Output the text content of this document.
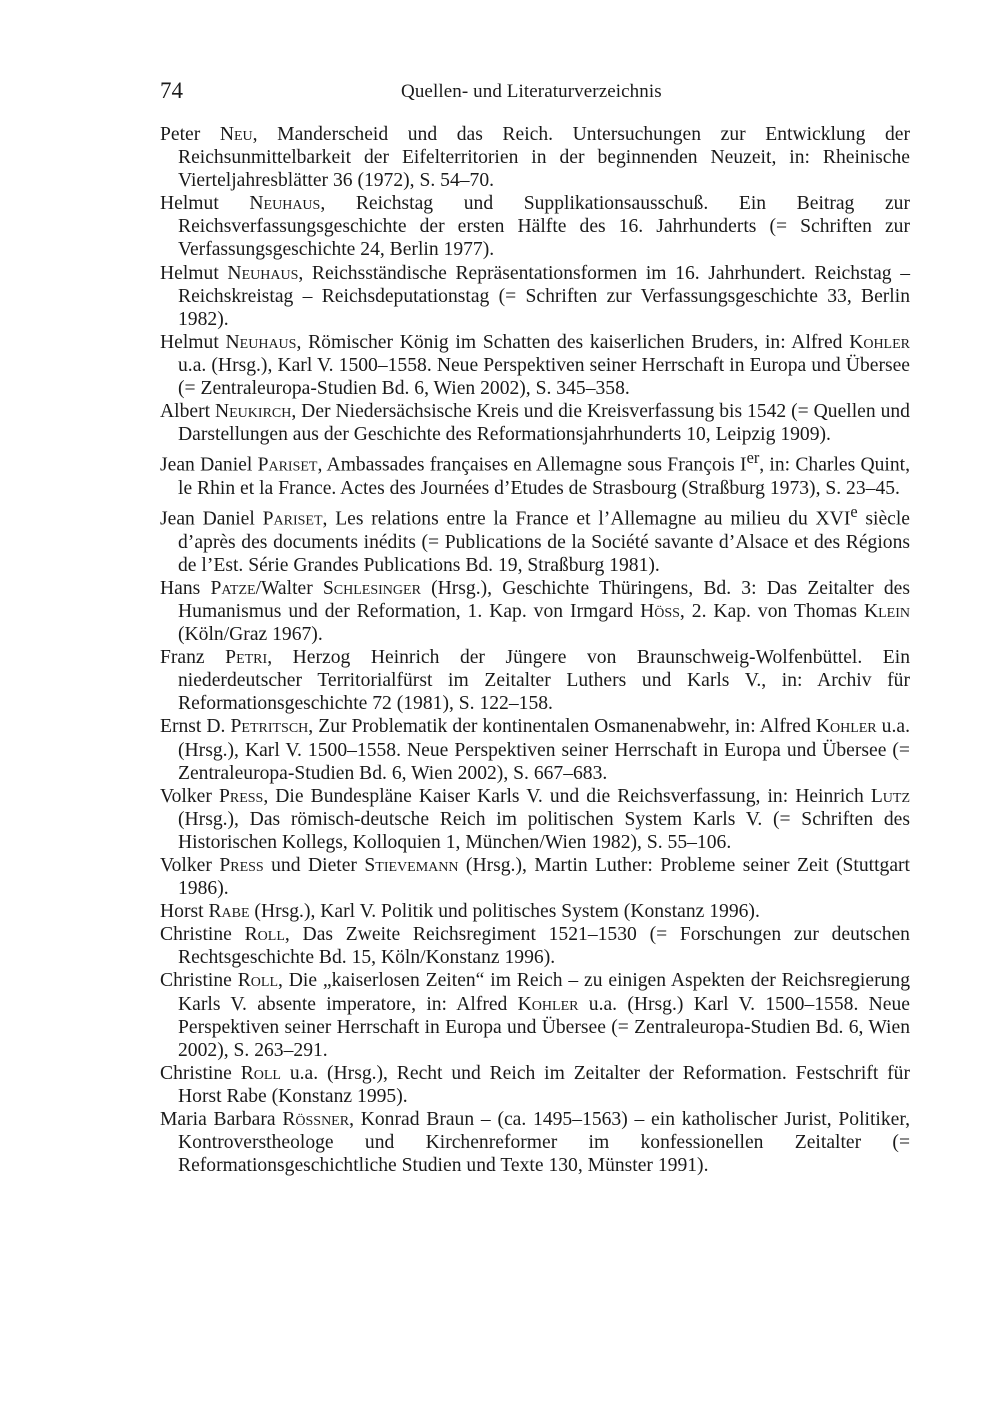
74	Quellen- und Literaturverzeichnis
Peter Neu, Manderscheid und das Reich. Untersuchungen zur Entwicklung der Reichsunmittelbarkeit der Eifelterritorien in der beginnenden Neuzeit, in: Rheinische Vierteljahresblätter 36 (1972), S. 54–70.
Helmut Neuhaus, Reichstag und Supplikationsausschuß. Ein Beitrag zur Reichsverfassungsgeschichte der ersten Hälfte des 16. Jahrhunderts (= Schriften zur Verfassungsgeschichte 24, Berlin 1977).
Helmut Neuhaus, Reichsständische Repräsentationsformen im 16. Jahrhundert. Reichstag – Reichskreistag – Reichsdeputationstag (= Schriften zur Verfassungsgeschichte 33, Berlin 1982).
Helmut Neuhaus, Römischer König im Schatten des kaiserlichen Bruders, in: Alfred Kohler u.a. (Hrsg.), Karl V. 1500–1558. Neue Perspektiven seiner Herrschaft in Europa und Übersee (= Zentraleuropa-Studien Bd. 6, Wien 2002), S. 345–358.
Albert Neukirch, Der Niedersächsische Kreis und die Kreisverfassung bis 1542 (= Quellen und Darstellungen aus der Geschichte des Reformationsjahrhunderts 10, Leipzig 1909).
Jean Daniel Pariset, Ambassades françaises en Allemagne sous François Ier, in: Charles Quint, le Rhin et la France. Actes des Journées d’Etudes de Strasbourg (Straßburg 1973), S. 23–45.
Jean Daniel Pariset, Les relations entre la France et l’Allemagne au milieu du XVIe siècle d’après des documents inédits (= Publications de la Société savante d’Alsace et des Régions de l’Est. Série Grandes Publications Bd. 19, Straßburg 1981).
Hans Patze/Walter Schlesinger (Hrsg.), Geschichte Thüringens, Bd. 3: Das Zeitalter des Humanismus und der Reformation, 1. Kap. von Irmgard Höß, 2. Kap. von Thomas Klein (Köln/Graz 1967).
Franz Petri, Herzog Heinrich der Jüngere von Braunschweig-Wolfenbüttel. Ein niederdeutscher Territorialfürst im Zeitalter Luthers und Karls V., in: Archiv für Reformationsgeschichte 72 (1981), S. 122–158.
Ernst D. Petritsch, Zur Problematik der kontinentalen Osmanenabwehr, in: Alfred Kohler u.a. (Hrsg.), Karl V. 1500–1558. Neue Perspektiven seiner Herrschaft in Europa und Übersee (= Zentraleuropa-Studien Bd. 6, Wien 2002), S. 667–683.
Volker Press, Die Bundespläne Kaiser Karls V. und die Reichsverfassung, in: Heinrich Lutz (Hrsg.), Das römisch-deutsche Reich im politischen System Karls V. (= Schriften des Historischen Kollegs, Kolloquien 1, München/Wien 1982), S. 55–106.
Volker Press und Dieter Stievemann (Hrsg.), Martin Luther: Probleme seiner Zeit (Stuttgart 1986).
Horst Rabe (Hrsg.), Karl V. Politik und politisches System (Konstanz 1996).
Christine Roll, Das Zweite Reichsregiment 1521–1530 (= Forschungen zur deutschen Rechtsgeschichte Bd. 15, Köln/Konstanz 1996).
Christine Roll, Die „kaiserlosen Zeiten“ im Reich – zu einigen Aspekten der Reichsregierung Karls V. absente imperatore, in: Alfred Kohler u.a. (Hrsg.) Karl V. 1500–1558. Neue Perspektiven seiner Herrschaft in Europa und Übersee (= Zentraleuropa-Studien Bd. 6, Wien 2002), S. 263–291.
Christine Roll u.a. (Hrsg.), Recht und Reich im Zeitalter der Reformation. Festschrift für Horst Rabe (Konstanz 1995).
Maria Barbara Rössner, Konrad Braun – (ca. 1495–1563) – ein katholischer Jurist, Politiker, Kontroverstheologe und Kirchenreformer im konfessionellen Zeitalter (= Reformationsgeschichtliche Studien und Texte 130, Münster 1991).
